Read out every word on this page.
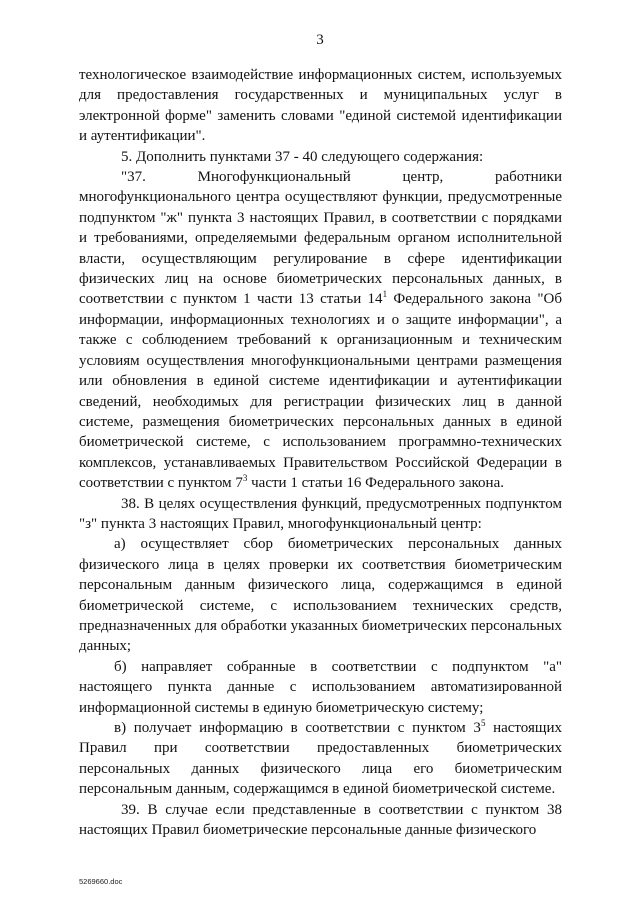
3

технологическое взаимодействие информационных систем, используемых для предоставления государственных и муниципальных услуг в электронной форме" заменить словами "единой системой идентификации и аутентификации".

5. Дополнить пунктами 37 - 40 следующего содержания:

"37. Многофункциональный центр, работники многофункционального центра осуществляют функции, предусмотренные подпунктом "ж" пункта 3 настоящих Правил, в соответствии с порядками и требованиями, определяемыми федеральным органом исполнительной власти, осуществляющим регулирование в сфере идентификации физических лиц на основе биометрических персональных данных, в соответствии с пунктом 1 части 13 статьи $14^1$ Федерального закона "Об информации, информационных технологиях и о защите информации", а также с соблюдением требований к организационным и техническим условиям осуществления многофункциональными центрами размещения или обновления в единой системе идентификации и аутентификации сведений, необходимых для регистрации физических лиц в данной системе, размещения биометрических персональных данных в единой биометрической системе, с использованием программно-технических комплексов, устанавливаемых Правительством Российской Федерации в соответствии с пунктом $7^3$ части 1 статьи 16 Федерального закона.

38. В целях осуществления функций, предусмотренных подпунктом "з" пункта 3 настоящих Правил, многофункциональный центр:

а) осуществляет сбор биометрических персональных данных физического лица в целях проверки их соответствия биометрическим персональным данным физического лица, содержащимся в единой биометрической системе, с использованием технических средств, предназначенных для обработки указанных биометрических персональных данных;

б) направляет собранные в соответствии с подпунктом "а" настоящего пункта данные с использованием автоматизированной информационной системы в единую биометрическую систему;

в) получает информацию в соответствии с пунктом $3^5$ настоящих Правил при соответствии предоставленных биометрических персональных данных физического лица его биометрическим персональным данным, содержащимся в единой биометрической системе.

39. В случае если представленные в соответствии с пунктом 38 настоящих Правил биометрические персональные данные физического

5269660.doc
